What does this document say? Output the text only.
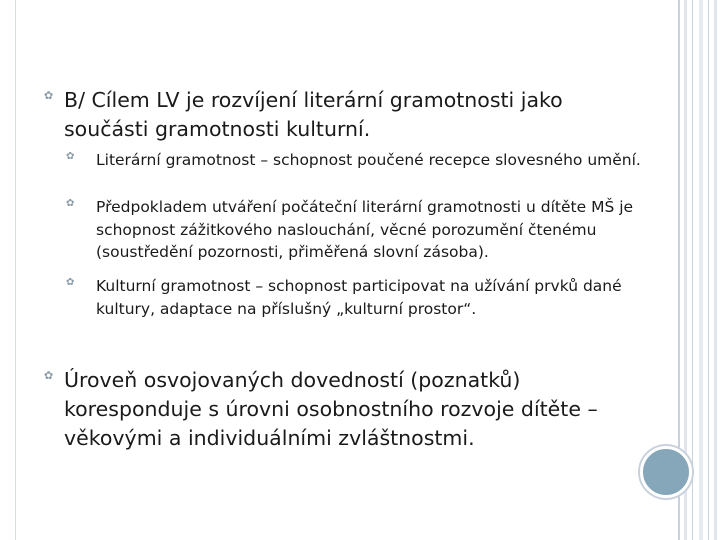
✿ B/ Cílem LV je rozvíjení literární gramotnosti jako součásti gramotnosti kulturní.
✿ Literární gramotnost – schopnost poučené recepce slovesného umění.
✿ Předpokladem utváření počáteční literární gramotnosti u dítěte MŠ je schopnost zážitkového naslouchání, věcné porozumění čtenému (soustředění pozornosti, přiměřená slovní zásoba).
✿ Kulturní gramotnost – schopnost participovat na užívání prvků dané kultury, adaptace na příslušný „kulturní prostor“.
✿ Úroveň osvojovaných dovedností (poznatků) koresponduje s úrovni osobnostního rozvoje dítěte – věkovými a individuálními zvláštnostmi.
